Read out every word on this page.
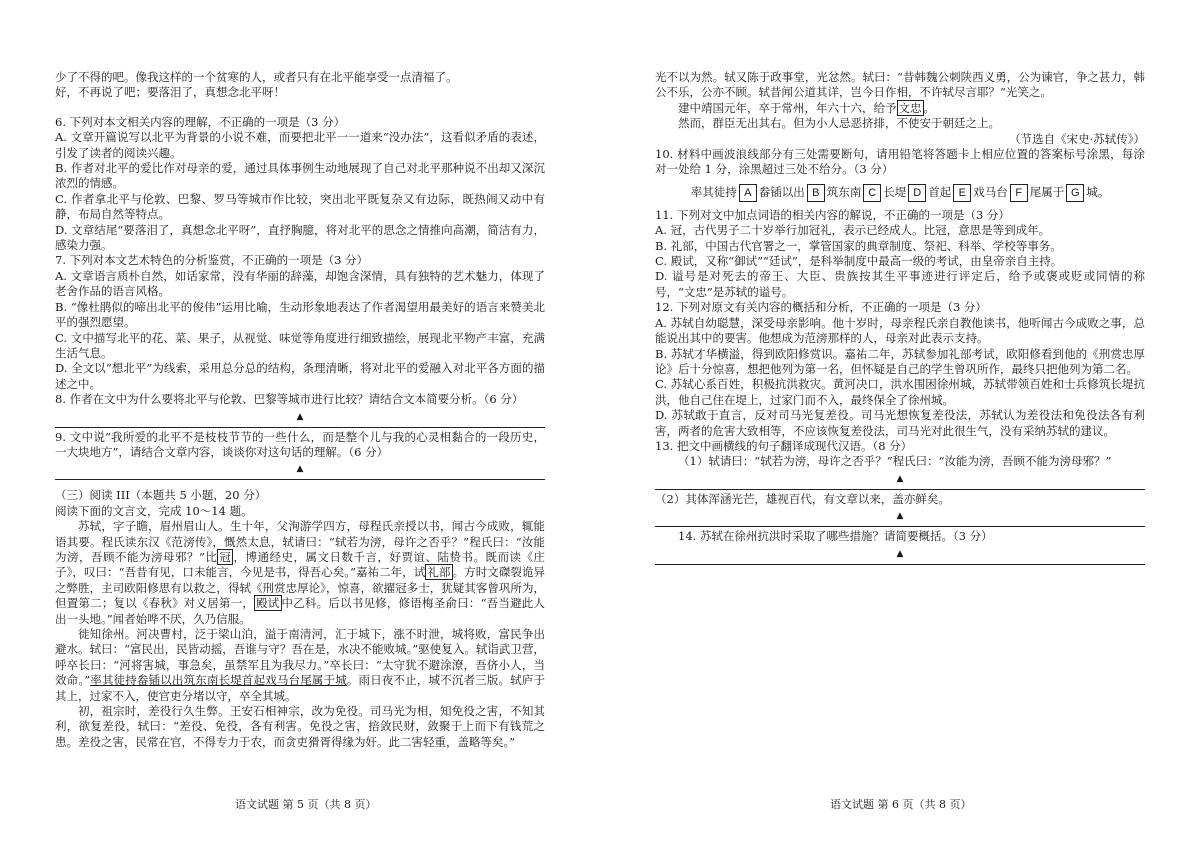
少了不得的吧。像我这样的一个贫寒的人，或者只有在北平能享受一点清福了。

好，不再说了吧；要落泪了，真想念北平呀！

6. 下列对本文相关内容的理解，不正确的一项是（3 分）

A. 文章开篇说写以北平为背景的小说不难，而要把北平一一道来“没办法”，这看似矛盾的表述，引发了读者的阅读兴趣。

B. 作者对北平的爱比作对母亲的爱，通过具体事例生动地展现了自己对北平那种说不出却又深沉浓烈的情感。

C. 作者拿北平与伦敦、巴黎、罗马等城市作比较，突出北平既复杂又有边际，既热闹又动中有静，布局自然等特点。

D. 文章结尾“要落泪了，真想念北平呀”，直抒胸臆，将对北平的思念之情推向高潮，简洁有力，感染力强。

7. 下列对本文艺术特色的分析鉴赏，不正确的一项是（3 分）

A. 文章语言质朴自然，如话家常，没有华丽的辞藻，却饱含深情，具有独特的艺术魅力，体现了老舍作品的语言风格。

B. “像杜鹃似的啼出北平的俊伟”运用比喻，生动形象地表达了作者渴望用最美好的语言来赞美北平的强烈愿望。

C. 文中描写北平的花、菜、果子，从视觉、味觉等角度进行细致描绘，展现北平物产丰富，充满生活气息。

D. 全文以“想北平”为线索，采用总分总的结构，条理清晰，将对北平的爱融入对北平各方面的描述之中。

8. 作者在文中为什么要将北平与伦敦、巴黎等城市进行比较？请结合文本简要分析。（6 分）

▲

9. 文中说“我所爱的北平不是枝枝节节的一些什么，而是整个儿与我的心灵相黏合的一段历史，一大块地方”，请结合文章内容，谈谈你对这句话的理解。（6 分）

▲

（三）阅读 III（本题共 5 小题，20 分）

阅读下面的文言文，完成 10～14 题。

苏轼，字子瞻，眉州眉山人。生十年，父洵游学四方，母程氏亲授以书，闻古今成败，辄能语其要。程氏读东汉《范滂传》，慨然太息，轼请曰：“轼若为滂，母许之否乎？”程氏曰：“汝能为滂，吾顾不能为滂母邪？”比 冠 ，博通经史，属文日数千言，好贾谊、陆贽书。既而读《庄子》，叹曰：“吾昔有见，口未能言，今见是书，得吾心矣。”嘉祐二年，试 礼部 。方时文磔裂诡异之弊胜，主司欧阳修思有以救之，得轼《刑赏忠厚论》，惊喜，欲擢冠多士，犹疑其客曾巩所为，但置第二；复以《春秋》对义居第一， 殿试 中乙科。后以书见修，修语梅圣俞曰：“吾当避此人出一头地。”闻者始哗不厌，久乃信服。

徙知徐州。河决曹村，泛于梁山泊，溢于南清河，汇于城下，涨不时泄，城将败，富民争出避水。轼曰：“富民出，民皆动摇，吾谁与守？吾在是，水决不能败城。”驱使复入。轼诣武卫营，呼卒长曰：“河将害城，事急矣，虽禁军且为我尽力。”卒长曰：“太守犹不避涂潦，吾侪小人，当效命。”率其徒持畚锸以出筑东南长堤首起戏马台尾属于城。雨日夜不止，城不沉者三版。轼庐于其上，过家不入，使官吏分堵以守，卒全其城。

初，祖宗时，差役行久生弊。王安石相神宗，改为免役。司马光为相，知免役之害，不知其利，欲复差役，轼曰：“差役、免役，各有利害。免役之害，掊敛民财，敛聚于上而下有钱荒之患。差役之害，民常在官，不得专力于农，而贪吏猾胥得缘为奸。此二害轻重，盖略等矣。”

语文试题 第 5 页（共 8 页）

光不以为然。轼又陈于政事堂，光忿然。轼曰：“昔韩魏公刺陕西义勇，公为谏官，争之甚力，韩公不乐，公亦不顾。轼昔闻公道其详，岂今日作相，不许轼尽言耶？”光笑之。

建中靖国元年，卒于常州，年六十六，给予 文忠 。

然而，群臣无出其右。但为小人忌恶挤排，不使安于朝廷之上。

（节选自《宋史·苏轼传》）

10. 材料中画波浪线部分有三处需要断句，请用铅笔将答题卡上相应位置的答案标号涂黑，每涂对一处给 1 分，涂黑超过三处不给分。（3 分）

率其徒持 A 畚锸以出 B 筑东南 C 长堤 D 首起 E 戏马台 F 尾属于 G 城。

11. 下列对文中加点词语的相关内容的解说，不正确的一项是（3 分）

A. 冠，古代男子二十岁举行加冠礼，表示已经成人。比冠，意思是等到成年。

B. 礼部，中国古代官署之一，掌管国家的典章制度、祭祀、科举、学校等事务。

C. 殿试，又称“御试”“廷试”，是科举制度中最高一级的考试，由皇帝亲自主持。

D. 谥号是对死去的帝王、大臣、贵族按其生平事迹进行评定后，给予或褒或贬或同情的称号，“文忠”是苏轼的谥号。

12. 下列对原文有关内容的概括和分析，不正确的一项是（3 分）

A. 苏轼自幼聪慧，深受母亲影响。他十岁时，母亲程氏亲自教他读书，他听闻古今成败之事，总能说出其中的要害。他想成为范滂那样的人，母亲对此表示支持。

B. 苏轼才华横溢，得到欧阳修赏识。嘉祐二年，苏轼参加礼部考试，欧阳修看到他的《刑赏忠厚论》后十分惊喜，想把他列为第一名，但怀疑是自己的学生曾巩所作，最终只把他列为第二名。

C. 苏轼心系百姓，积极抗洪救灾。黄河决口，洪水围困徐州城，苏轼带领百姓和士兵修筑长堤抗洪，他自己住在堤上，过家门而不入，最终保全了徐州城。

D. 苏轼敢于直言，反对司马光复差役。司马光想恢复差役法，苏轼认为差役法和免役法各有利害，两者的危害大致相等，不应该恢复差役法，司马光对此很生气，没有采纳苏轼的建议。

13. 把文中画横线的句子翻译成现代汉语。（8 分）

（1）轼请曰：“轼若为滂，母许之否乎？”程氏曰：“汝能为滂，吾顾不能为滂母邪？”

▲

（2）其体浑涵光芒，雄视百代，有文章以来，盖亦鲜矣。

▲

14. 苏轼在徐州抗洪时采取了哪些措施？请简要概括。（3 分）

▲
语文试题 第 6 页（共 8 页）
